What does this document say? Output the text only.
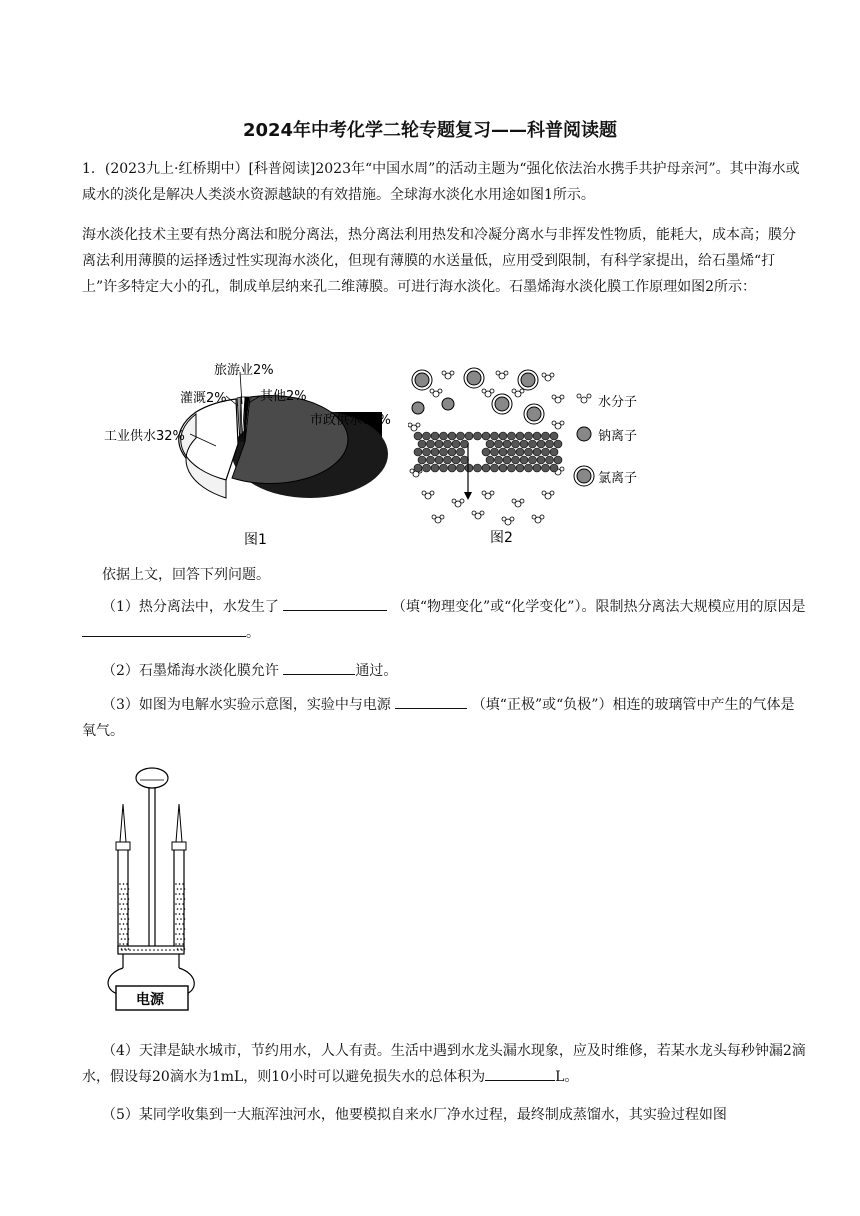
2024年中考化学二轮专题复习——科普阅读题
1．(2023九上·红桥期中）[科普阅读]2023年“中国水周”的活动主题为“强化依法治水携手共护母亲河”。其中海水或咸水的淡化是解决人类淡水资源越缺的有效措施。全球海水淡化水用途如图1所示。
海水淡化技术主要有热分离法和脱分离法，热分离法利用热发和冷凝分离水与非挥发性物质，能耗大，成本高；膜分离法利用薄膜的运择透过性实现海水淡化，但现有薄膜的水送量低，应用受到限制，有科学家提出，给石墨烯“打上”许多特定大小的孔，制成单层纳来孔二维薄膜。可进行海水淡化。石墨烯海水淡化膜工作原理如图2所示：
工业供水32%
灌溉2%
旅游业2%
其他2%
市政供水62%
图1
水分子
钠离子
氯离子
图2
依据上文，回答下列问题。
（1）热分离法中，水发生了	（填“物理变化”或“化学变化”）。限制热分离法大规模应用的原因是 。
（2）石墨烯海水淡化膜允许	通过。
（3）如图为电解水实验示意图，实验中与电源	（填“正极”或“负极”）相连的玻璃管中产生的气体是氧气。
电源
（4）天津是缺水城市，节约用水，人人有责。生活中遇到水龙头漏水现象，应及时维修，若某水龙头每秒钟漏2滴水，假设每20滴水为1mL，则10小时可以避免损失水的总体积为	L。
（5）某同学收集到一大瓶浑浊河水，他要模拟自来水厂净水过程，最终制成蒸馏水，其实验过程如图
